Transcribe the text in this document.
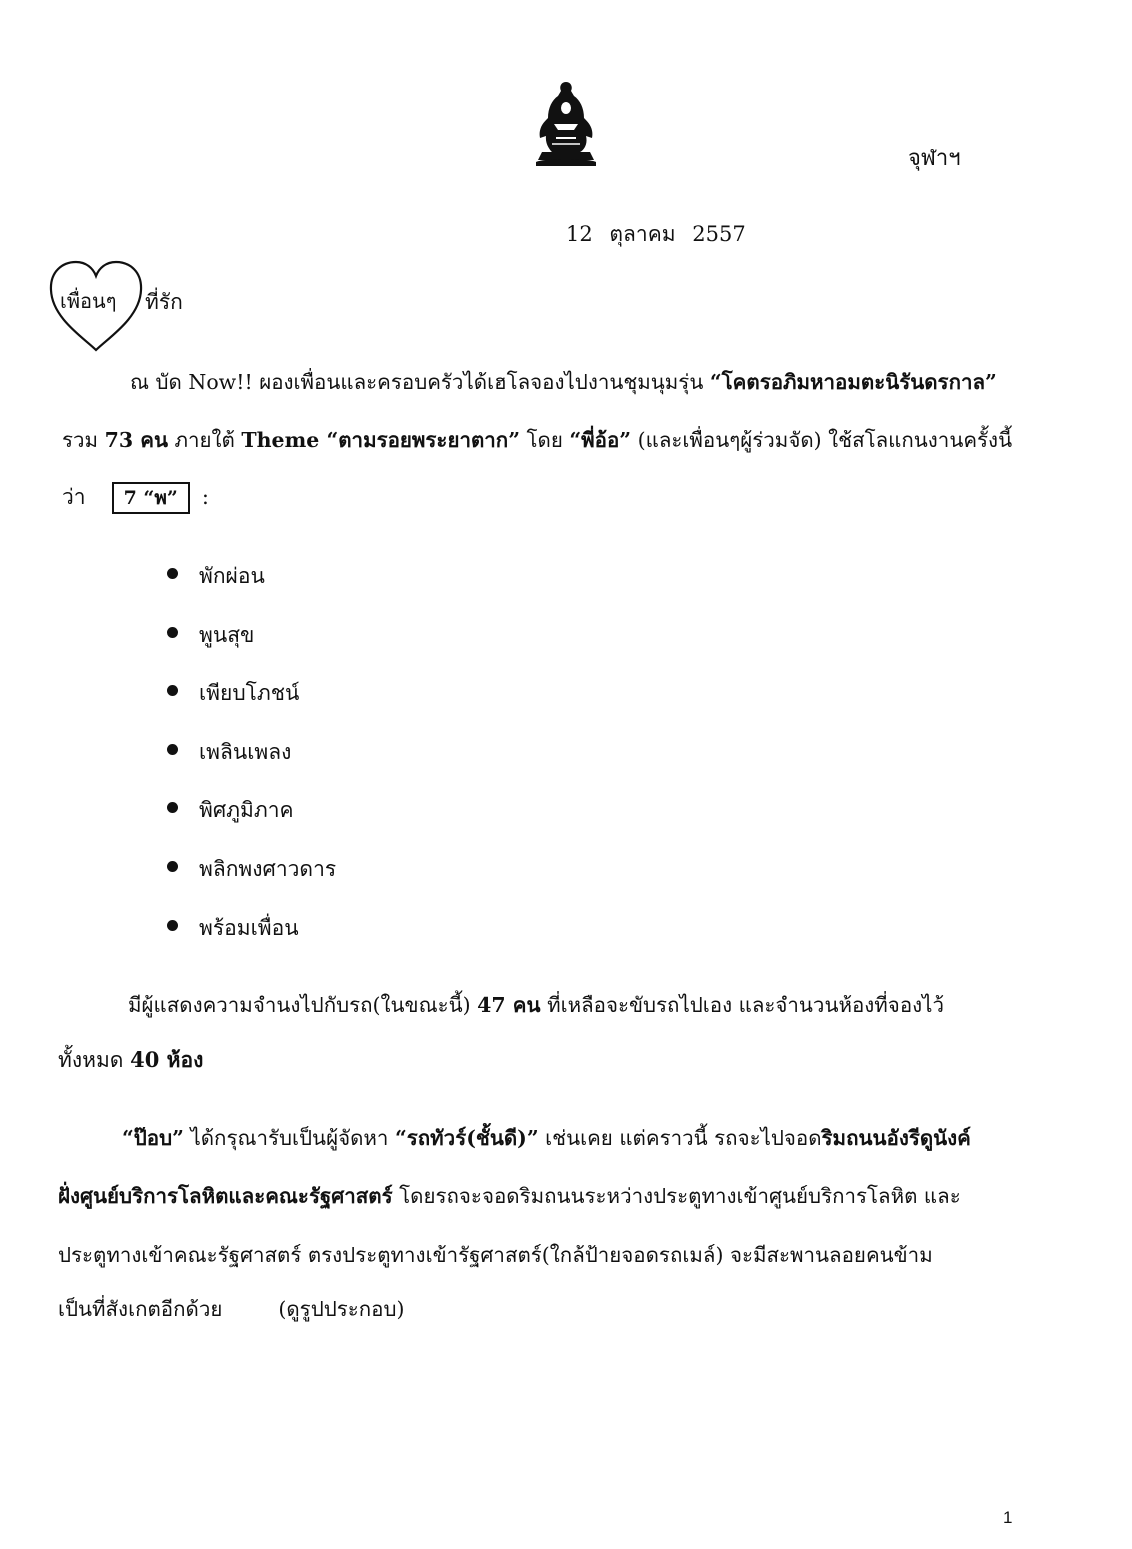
จุฬาฯ
12 ตุลาคม 2557
เพื่อนๆ ที่รัก
ณ บัด Now!! ผองเพื่อนและครอบครัวได้เฮโลจองไปงานชุมนุมรุ่น “โคตรอภิมหาอมตะนิรันดรกาล”
รวม 73 คน ภายใต้ Theme “ตามรอยพระยาตาก” โดย “พี่อ้อ” (และเพื่อนๆผู้ร่วมจัด) ใช้สโลแกนงานครั้งนี้
ว่า	7 “พ”	:
พักผ่อน
พูนสุข
เพียบโภชน์
เพลินเพลง
พิศภูมิภาค
พลิกพงศาวดาร
พร้อมเพื่อน
มีผู้แสดงความจำนงไปกับรถ(ในขณะนี้) 47 คน ที่เหลือจะขับรถไปเอง และจำนวนห้องที่จองไว้
ทั้งหมด 40 ห้อง
“ป๊อบ” ได้กรุณารับเป็นผู้จัดหา “รถทัวร์(ชั้นดี)” เช่นเคย แต่คราวนี้ รถจะไปจอดริมถนนอังรีดูนังค์
ฝั่งศูนย์บริการโลหิตและคณะรัฐศาสตร์ โดยรถจะจอดริมถนนระหว่างประตูทางเข้าศูนย์บริการโลหิต และ
ประตูทางเข้าคณะรัฐศาสตร์ ตรงประตูทางเข้ารัฐศาสตร์(ใกล้ป้ายจอดรถเมล์) จะมีสะพานลอยคนข้าม
เป็นที่สังเกตอีกด้วย	(ดูรูปประกอบ)
1
